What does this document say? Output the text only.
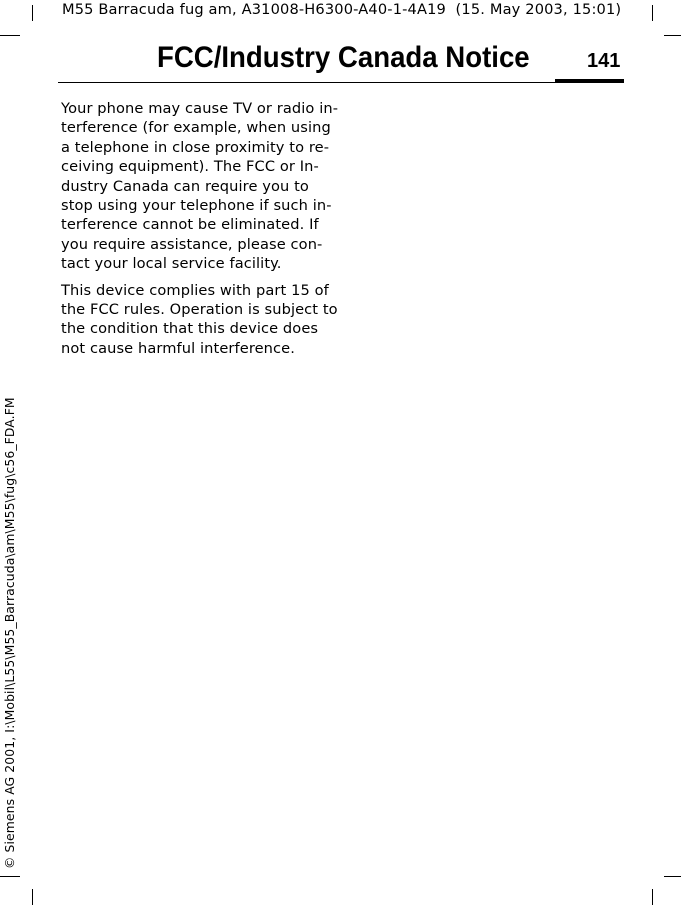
M55 Barracuda fug am, A31008-H6300-A40-1-4A19  (15. May 2003, 15:01)
FCC/Industry Canada Notice	141
Your phone may cause TV or radio in-
terference (for example, when using
a telephone in close proximity to re-
ceiving equipment). The FCC or In-
dustry Canada can require you to
stop using your telephone if such in-
terference cannot be eliminated. If
you require assistance, please con-
tact your local service facility.
This device complies with part 15 of
the FCC rules. Operation is subject to
the condition that this device does
not cause harmful interference.
© Siemens AG 2001, I:\Mobil\L55\M55_Barracuda\am\M55\fug\c56_FDA.FM
